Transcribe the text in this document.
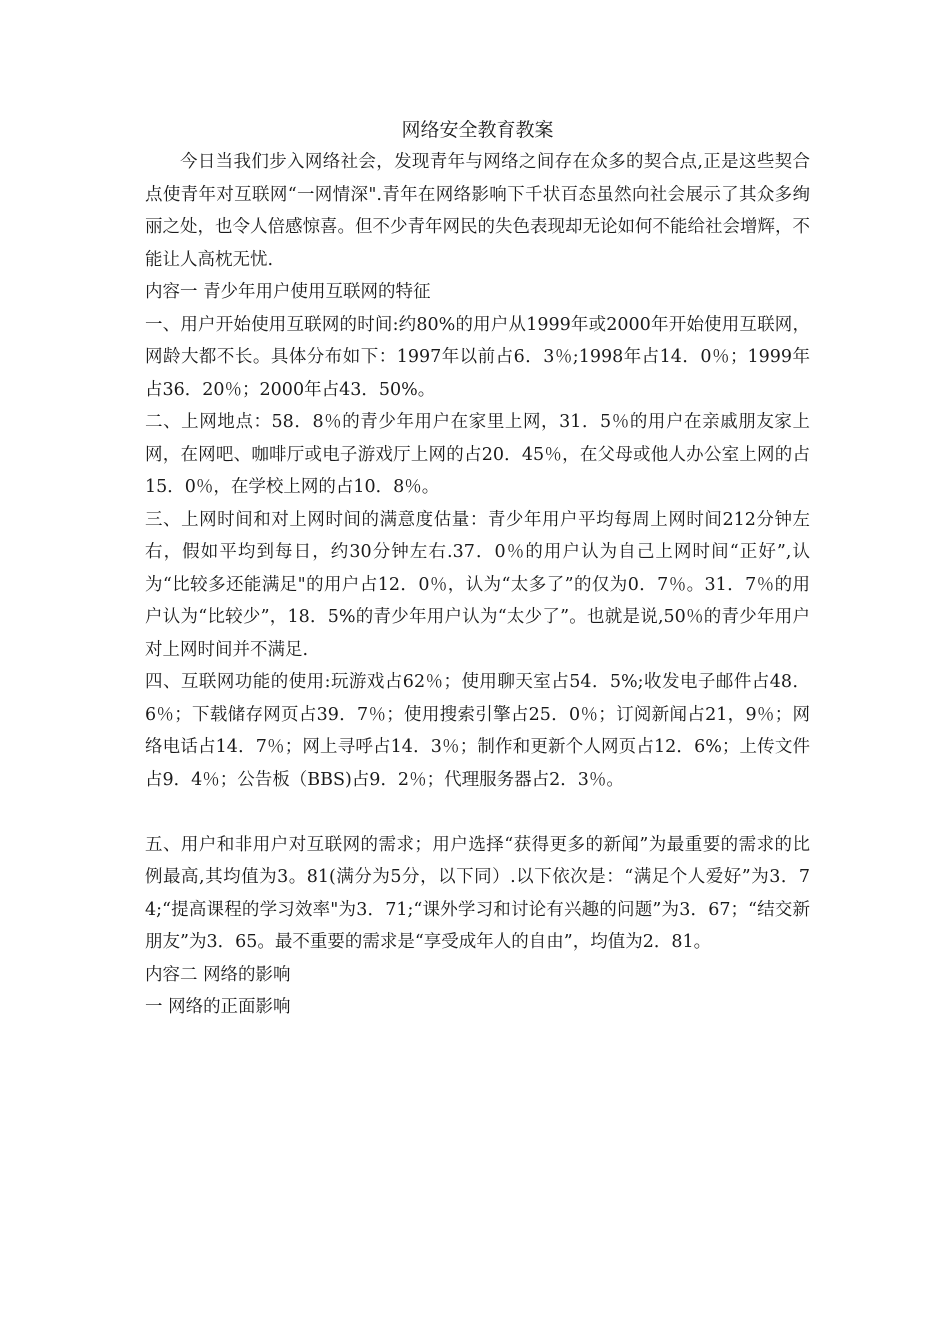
网络安全教育教案

今日当我们步入网络社会，发现青年与网络之间存在众多的契合点,正是这些契合点使青年对互联网“一网情深".青年在网络影响下千状百态虽然向社会展示了其众多绚丽之处，也令人倍感惊喜。但不少青年网民的失色表现却无论如何不能给社会增辉，不能让人高枕无忧.

内容一 青少年用户使用互联网的特征

一、用户开始使用互联网的时间:约80%的用户从1999年或2000年开始使用互联网，网龄大都不长。具体分布如下：1997年以前占6．3％;1998年占14．0％；1999年占36．20％；2000年占43．50%。

二、上网地点：58．8％的青少年用户在家里上网，31．5％的用户在亲戚朋友家上网，在网吧、咖啡厅或电子游戏厅上网的占20．45％，在父母或他人办公室上网的占15．0％，在学校上网的占10．8％。

三、上网时间和对上网时间的满意度估量：青少年用户平均每周上网时间212分钟左右，假如平均到每日，约30分钟左右.37．0％的用户认为自己上网时间“正好”,认为“比较多还能满足"的用户占12．0％，认为“太多了”的仅为0．7％。31．7％的用户认为“比较少”，18．5%的青少年用户认为“太少了”。也就是说,50％的青少年用户对上网时间并不满足.

四、互联网功能的使用:玩游戏占62％；使用聊天室占54．5%;收发电子邮件占48．6％；下载储存网页占39．7％；使用搜索引擎占25．0％；订阅新闻占21，9％；网络电话占14．7％；网上寻呼占14．3％；制作和更新个人网页占12．6%；上传文件占9．4％；公告板（BBS)占9．2％；代理服务器占2．3％。

五、用户和非用户对互联网的需求；用户选择“获得更多的新闻”为最重要的需求的比例最高,其均值为3。81(满分为5分，以下同）.以下依次是：“满足个人爱好”为3．74;“提高课程的学习效率"为3．71;“课外学习和讨论有兴趣的问题”为3．67；“结交新朋友”为3．65。最不重要的需求是“享受成年人的自由”，均值为2．81。

内容二 网络的影响

一 网络的正面影响
